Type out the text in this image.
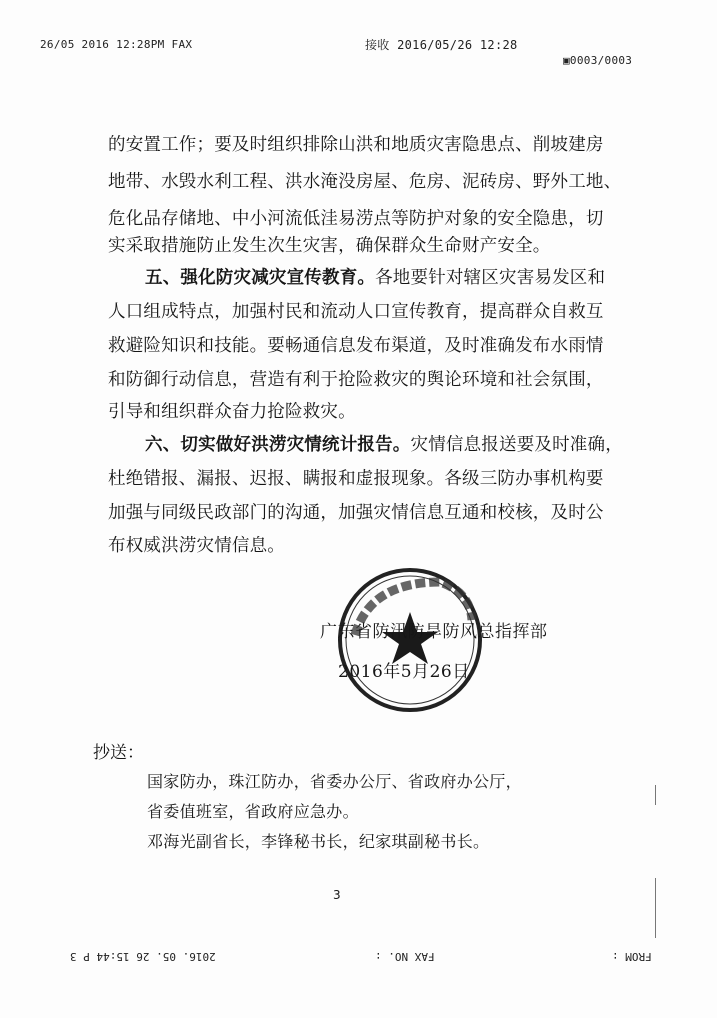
26/05 2016 12:28PM FAX	接收 2016/05/26 12:28
▣0003/0003
的安置工作；要及时组织排除山洪和地质灾害隐患点、削坡建房
地带、水毁水利工程、洪水淹没房屋、危房、泥砖房、野外工地、
危化品存储地、中小河流低洼易涝点等防护对象的安全隐患，切
实采取措施防止发生次生灾害，确保群众生命财产安全。
五、强化防灾减灾宣传教育。各地要针对辖区灾害易发区和
人口组成特点，加强村民和流动人口宣传教育，提高群众自救互
救避险知识和技能。要畅通信息发布渠道，及时准确发布水雨情
和防御行动信息，营造有利于抢险救灾的舆论环境和社会氛围，
引导和组织群众奋力抢险救灾。
六、切实做好洪涝灾情统计报告。灾情信息报送要及时准确，
杜绝错报、漏报、迟报、瞒报和虚报现象。各级三防办事机构要
加强与同级民政部门的沟通，加强灾情信息互通和校核，及时公
布权威洪涝灾情信息。
广东省防汛防旱防风总指挥部
2016年5月26日
抄送：
国家防办，珠江防办，省委办公厅、省政府办公厅，
省委值班室，省政府应急办。
邓海光副省长，李锋秘书长，纪家琪副秘书长。
3
2016. 05. 26 15:44 P 3	FAX NO. :	FROM :
